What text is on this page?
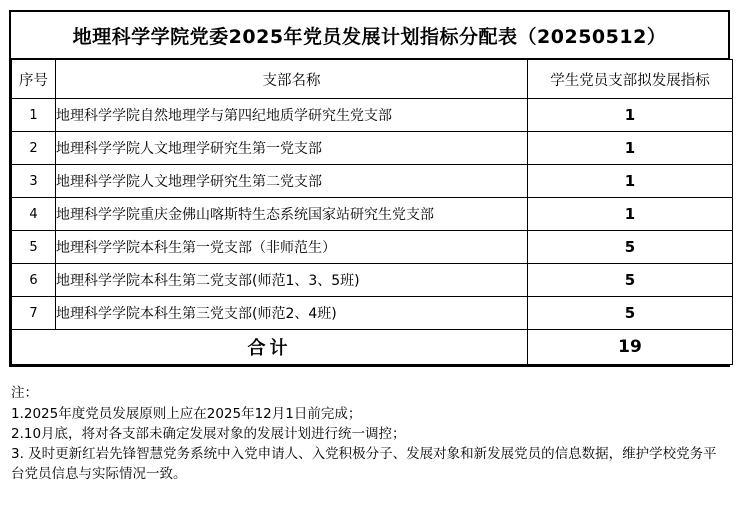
地理科学学院党委2025年党员发展计划指标分配表（20250512）
序号	支部名称	学生党员支部拟发展指标
1	地理科学学院自然地理学与第四纪地质学研究生党支部	1
2	地理科学学院人文地理学研究生第一党支部	1
3	地理科学学院人文地理学研究生第二党支部	1
4	地理科学学院重庆金佛山喀斯特生态系统国家站研究生党支部	1
5	地理科学学院本科生第一党支部（非师范生）	5
6	地理科学学院本科生第二党支部(师范1、3、5班)	5
7	地理科学学院本科生第三党支部(师范2、4班)	5
合计		19
注：
1.2025年度党员发展原则上应在2025年12月1日前完成；
2.10月底，将对各支部未确定发展对象的发展计划进行统一调控；
3. 及时更新红岩先锋智慧党务系统中入党申请人、入党积极分子、发展对象和新发展党员的信息数据，维护学校党务平台党员信息与实际情况一致。
